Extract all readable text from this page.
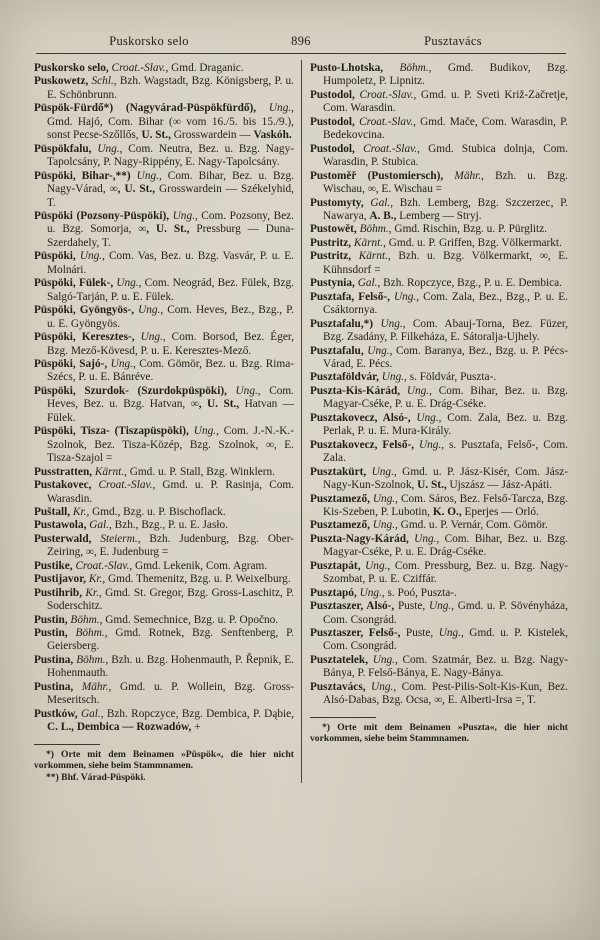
Puskorsko selo	896	Pusztavács

Puskorsko selo, Croat.-Slav., Gmd. Draganic.

Puskowetz, Schl., Bzh. Wagstadt, Bzg. Königsberg, P. u. E. Schönbrunn.

Püspök-Fürdő*) (Nagyvárad-Püspökfürdő), Ung., Gmd. Hajó, Com. Bihar (∞ vom 16./5. bis 15./9.), sonst Pecse-Szőllős, U. St., Grosswardein — Vaskóh.

Püspökfalu, Ung., Com. Neutra, Bez. u. Bzg. Nagy-Tapolcsány, P. Nagy-Rippény, E. Nagy-Tapolcsány.

Püspöki, Bihar-,**) Ung., Com. Bihar, Bez. u. Bzg. Nagy-Várad, ∞, U. St., Grosswardein — Székelyhid, T.

Püspöki (Pozsony-Püspöki), Ung., Com. Pozsony, Bez. u. Bzg. Somorja, ∞, U. St., Pressburg — Duna-Szerdahely, T.

Püspöki, Ung., Com. Vas, Bez. u. Bzg. Vasvár, P. u. E. Molnári.

Püspöki, Fülek-, Ung., Com. Neográd, Bez. Fülek, Bzg. Salgó-Tarján, P. u. E. Fülek.

Püspöki, Gyöngyös-, Ung., Com. Heves, Bez., Bzg., P. u. E. Gyöngyös.

Püspöki, Keresztes-, Ung., Com. Borsod, Bez. Éger, Bzg. Mező-Kövesd, P. u. E. Keresztes-Mező.

Püspöki, Sajó-, Ung., Com. Gömör, Bez. u. Bzg. Rima-Szécs, P. u. E. Bánréve.

Püspöki, Szurdok- (Szurdokpüspöki), Ung., Com. Heves, Bez. u. Bzg. Hatvan, ∞, U. St., Hatvan — Fülek.

Püspöki, Tisza- (Tiszapüspöki), Ung., Com. J.-N.-K.-Szolnok, Bez. Tisza-Közép, Bzg. Szolnok, ∞, E. Tisza-Szajol =

Pusstratten, Kärnt., Gmd. u. P. Stall, Bzg. Winklern.

Pustakovec, Croat.-Slav., Gmd. u. P. Rasinja, Com. Warasdin.

Puštall, Kr., Gmd., Bzg. u. P. Bischoflack.

Pustawola, Gal., Bzh., Bzg., P. u. E. Jasło.

Pusterwald, Steierm., Bzh. Judenburg, Bzg. Ober-Zeiring, ∞, E. Judenburg =

Pustike, Croat.-Slav., Gmd. Lekenik, Com. Agram.

Pustijavor, Kr., Gmd. Themenitz, Bzg. u. P. Weixelburg.

Pustihrib, Kr., Gmd. St. Gregor, Bzg. Gross-Laschitz, P. Soderschitz.

Pustin, Böhm., Gmd. Semechnice, Bzg. u. P. Opočno.

Pustin, Böhm., Gmd. Rotnek, Bzg. Senftenberg, P. Geiersberg.

Pustina, Böhm., Bzh. u. Bzg. Hohenmauth, P. Řepnik, E. Hohenmauth.

Pustina, Mähr., Gmd. u. P. Wollein, Bzg. Gross-Meseritsch.

Pustków, Gal., Bzh. Ropczyce, Bzg. Dembica, P. Dąbie, C. L., Dembica — Rozwadów, +

*) Orte mit dem Beinamen »Püspök«, die hier nicht vorkommen, siehe beim Stammnamen.

**) Bhf. Várad-Püspöki.

Pusto-Lhotska, Böhm., Gmd. Budikov, Bzg. Humpoletz, P. Lipnitz.

Pustodol, Croat.-Slav., Gmd. u. P. Sveti Križ-Začretje, Com. Warasdin.

Pustodol, Croat.-Slav., Gmd. Mače, Com. Warasdin, P. Bedekovcina.

Pustodol, Croat.-Slav., Gmd. Stubica dolnja, Com. Warasdin, P. Stubica.

Pustoměř (Pustomiersch), Mähr., Bzh. u. Bzg. Wischau, ∞, E. Wischau =

Pustomyty, Gal., Bzh. Lemberg, Bzg. Szczerzec, P. Nawarya, A. B., Lemberg — Stryj.

Pustowět, Böhm., Gmd. Rischin, Bzg. u. P. Pürglitz.

Pustritz, Kärnt., Gmd. u. P. Griffen, Bzg. Völkermarkt.

Pustritz, Kärnt., Bzh. u. Bzg. Völkermarkt, ∞, E. Kühnsdorf =

Pustynia, Gal., Bzh. Ropczyce, Bzg., P. u. E. Dembica.

Pusztafa, Felső-, Ung., Com. Zala, Bez., Bzg., P. u. E. Csáktornya.

Pusztafalu,*) Ung., Com. Abauj-Torna, Bez. Füzer, Bzg. Zsadány, P. Filkeháza, E. Sátoralja-Ujhely.

Pusztafalu, Ung., Com. Baranya, Bez., Bzg. u. P. Pécs-Várad, E. Pécs.

Pusztaföldvár, Ung., s. Földvár, Puszta-.

Puszta-Kis-Kárád, Ung., Com. Bihar, Bez. u. Bzg. Magyar-Cséke, P. u. E. Drág-Cséke.

Pusztakovecz, Alsó-, Ung., Com. Zala, Bez. u. Bzg. Perlak, P. u. E. Mura-Király.

Pusztakovecz, Felső-, Ung., s. Pusztafa, Felső-, Com. Zala.

Pusztakürt, Ung., Gmd. u. P. Jász-Kisér, Com. Jász-Nagy-Kun-Szolnok, U. St., Ujszász — Jász-Apáti.

Pusztamező, Ung., Com. Sáros, Bez. Felső-Tarcza, Bzg. Kis-Szeben, P. Lubotin, K. O., Eperjes — Orló.

Pusztamező, Ung., Gmd. u. P. Vernár, Com. Gömör.

Puszta-Nagy-Kárád, Ung., Com. Bihar, Bez. u. Bzg. Magyar-Cséke, P. u. E. Drág-Cséke.

Pusztapát, Ung., Com. Pressburg, Bez. u. Bzg. Nagy-Szombat, P. u. E. Cziffár.

Pusztapó, Ung., s. Poó, Puszta-.

Pusztaszer, Alsó-, Puste, Ung., Gmd. u. P. Sövényháza, Com. Csongrád.

Pusztaszer, Felső-, Puste, Ung., Gmd. u. P. Kistelek, Com. Csongrád.

Pusztatelek, Ung., Com. Szatmár, Bez. u. Bzg. Nagy-Bánya, P. Felső-Bánya, E. Nagy-Bánya.

Pusztavács, Ung., Com. Pest-Pilis-Solt-Kis-Kun, Bez. Alsó-Dabas, Bzg. Ocsa, ∞, E. Alberti-Irsa =, T.

*) Orte mit dem Beinamen »Puszta«, die hier nicht vorkommen, siehe beim Stammnamen.
